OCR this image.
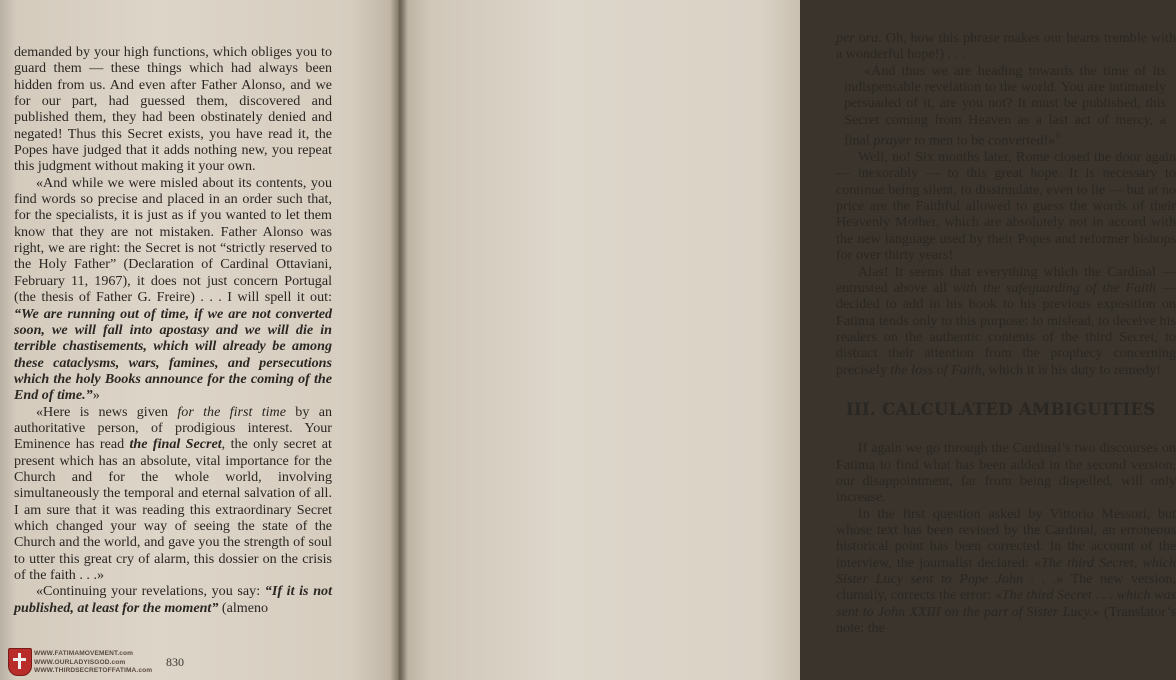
demanded by your high functions, which obliges you to guard them — these things which had always been hidden from us. And even after Father Alonso, and we for our part, had guessed them, discovered and published them, they had been obstinately denied and negated! Thus this Secret exists, you have read it, the Popes have judged that it adds nothing new, you repeat this judgment without making it your own.

«And while we were misled about its contents, you find words so precise and placed in an order such that, for the specialists, it is just as if you wanted to let them know that they are not mistaken. Father Alonso was right, we are right: the Secret is not “strictly reserved to the Holy Father” (Declaration of Cardinal Ottaviani, February 11, 1967), it does not just concern Portugal (the thesis of Father G. Freire) . . . I will spell it out: “We are running out of time, if we are not converted soon, we will fall into apostasy and we will die in terrible chastisements, which will already be among these cataclysms, wars, famines, and persecutions which the holy Books announce for the coming of the End of time.”»

«Here is news given for the first time by an authoritative person, of prodigious interest. Your Eminence has read the final Secret, the only secret at present which has an absolute, vital importance for the Church and for the whole world, involving simultaneously the temporal and eternal salvation of all. I am sure that it was reading this extraordinary Secret which changed your way of seeing the state of the Church and the world, and gave you the strength of soul to utter this great cry of alarm, this dossier on the crisis of the faith . . .»

«Continuing your revelations, you say: “If it is not published, at least for the moment” (almeno

830
WWW.FATIMAMOVEMENT.com
WWW.OURLADYISGOD.com
WWW.THIRDSECRETOFFATIMA.com

per ora. Oh, how this phrase makes our hearts tremble with a wonderful hope!) . . .

«And thus we are heading towards the time of its indispensable revelation to the world. You are intimately persuaded of it, are you not? It must be published, this Secret coming from Heaven as a last act of mercy, a final prayer to men to be converted!»$^9$

Well, no! Six months later, Rome closed the door again — inexorably — to this great hope. It is necessary to continue being silent, to dissimulate, even to lie — but at no price are the Faithful allowed to guess the words of their Heavenly Mother, which are absolutely not in accord with the new language used by their Popes and reformer bishops for over thirty years!

Alas! It seems that everything which the Cardinal — entrusted above all with the safeguarding of the Faith — decided to add in his book to his previous exposition on Fatima tends only to this purpose: to mislead, to deceive his readers on the authentic contents of the third Secret, to distract their attention from the prophecy concerning precisely the loss of Faith, which it is his duty to remedy!

III. CALCULATED AMBIGUITIES

If again we go through the Cardinal’s two discourses on Fatima to find what has been added in the second version, our disappointment, far from being dispelled, will only increase.

In the first question asked by Vittorio Messori, but whose text has been revised by the Cardinal, an erroneous historical point has been corrected. In the account of the interview, the journalist declared: «The third Secret, which Sister Lucy sent to Pope John . . .» The new version, clumsily, corrects the error: «The third Secret . . . which was sent to John XXIII on the part of Sister Lucy.» (Translator’s note: the

831
